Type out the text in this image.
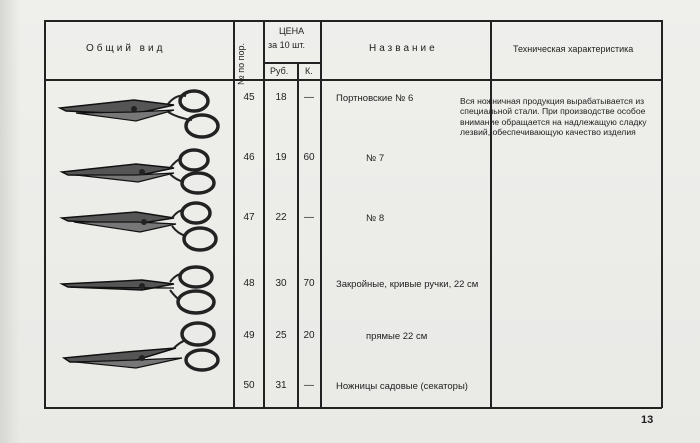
Общий вид	№ по пор.
ЦЕНА
за 10 шт.
Руб. К.
Название	Техническая характеристика
45	18	—	Портновские № 6
46	19	60	№ 7
47	22	—	№ 8
48	30	70	Закройные, кривые ручки, 22 см
49	25	20	прямые 22 см
50	31	—	Ножницы садовые (секаторы)
Вся ножничная продукция вырабатывается из специальной стали. При производстве особое внимание обращается на надлежащую сладку лезвий, обеспечивающую качество изделия
13
